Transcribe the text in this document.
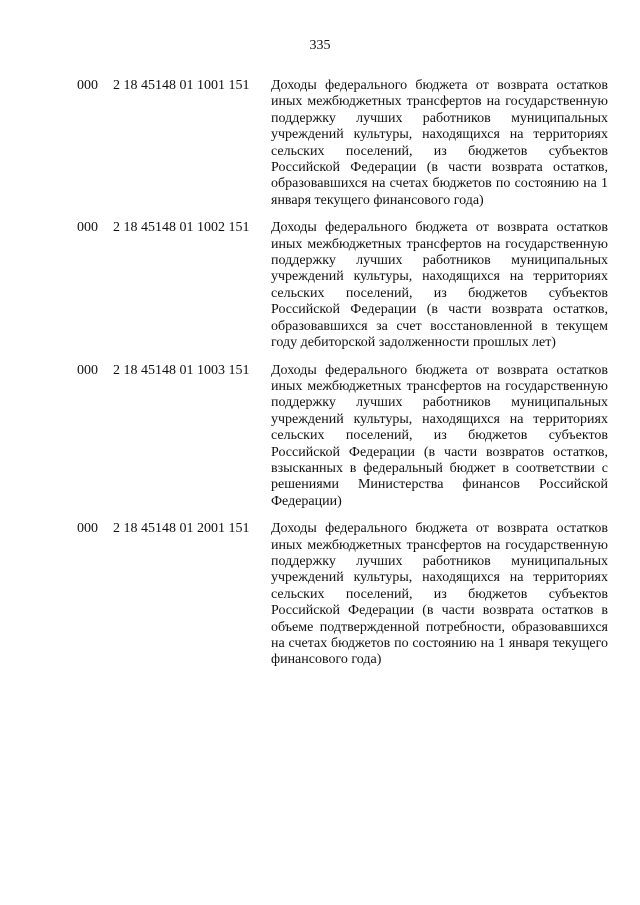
335
000 2 18 45148 01 1001 151 Доходы федерального бюджета от возврата остатков иных межбюджетных трансфертов на государственную поддержку лучших работников муниципальных учреждений культуры, находящихся на территориях сельских поселений, из бюджетов субъектов Российской Федерации (в части возврата остатков, образовавшихся на счетах бюджетов по состоянию на 1 января текущего финансового года)
000 2 18 45148 01 1002 151 Доходы федерального бюджета от возврата остатков иных межбюджетных трансфертов на государственную поддержку лучших работников муниципальных учреждений культуры, находящихся на территориях сельских поселений, из бюджетов субъектов Российской Федерации (в части возврата остатков, образовавшихся за счет восстановленной в текущем году дебиторской задолженности прошлых лет)
000 2 18 45148 01 1003 151 Доходы федерального бюджета от возврата остатков иных межбюджетных трансфертов на государственную поддержку лучших работников муниципальных учреждений культуры, находящихся на территориях сельских поселений, из бюджетов субъектов Российской Федерации (в части возвратов остатков, взысканных в федеральный бюджет в соответствии с решениями Министерства финансов Российской Федерации)
000 2 18 45148 01 2001 151 Доходы федерального бюджета от возврата остатков иных межбюджетных трансфертов на государственную поддержку лучших работников муниципальных учреждений культуры, находящихся на территориях сельских поселений, из бюджетов субъектов Российской Федерации (в части возврата остатков в объеме подтвержденной потребности, образовавшихся на счетах бюджетов по состоянию на 1 января текущего финансового года)
